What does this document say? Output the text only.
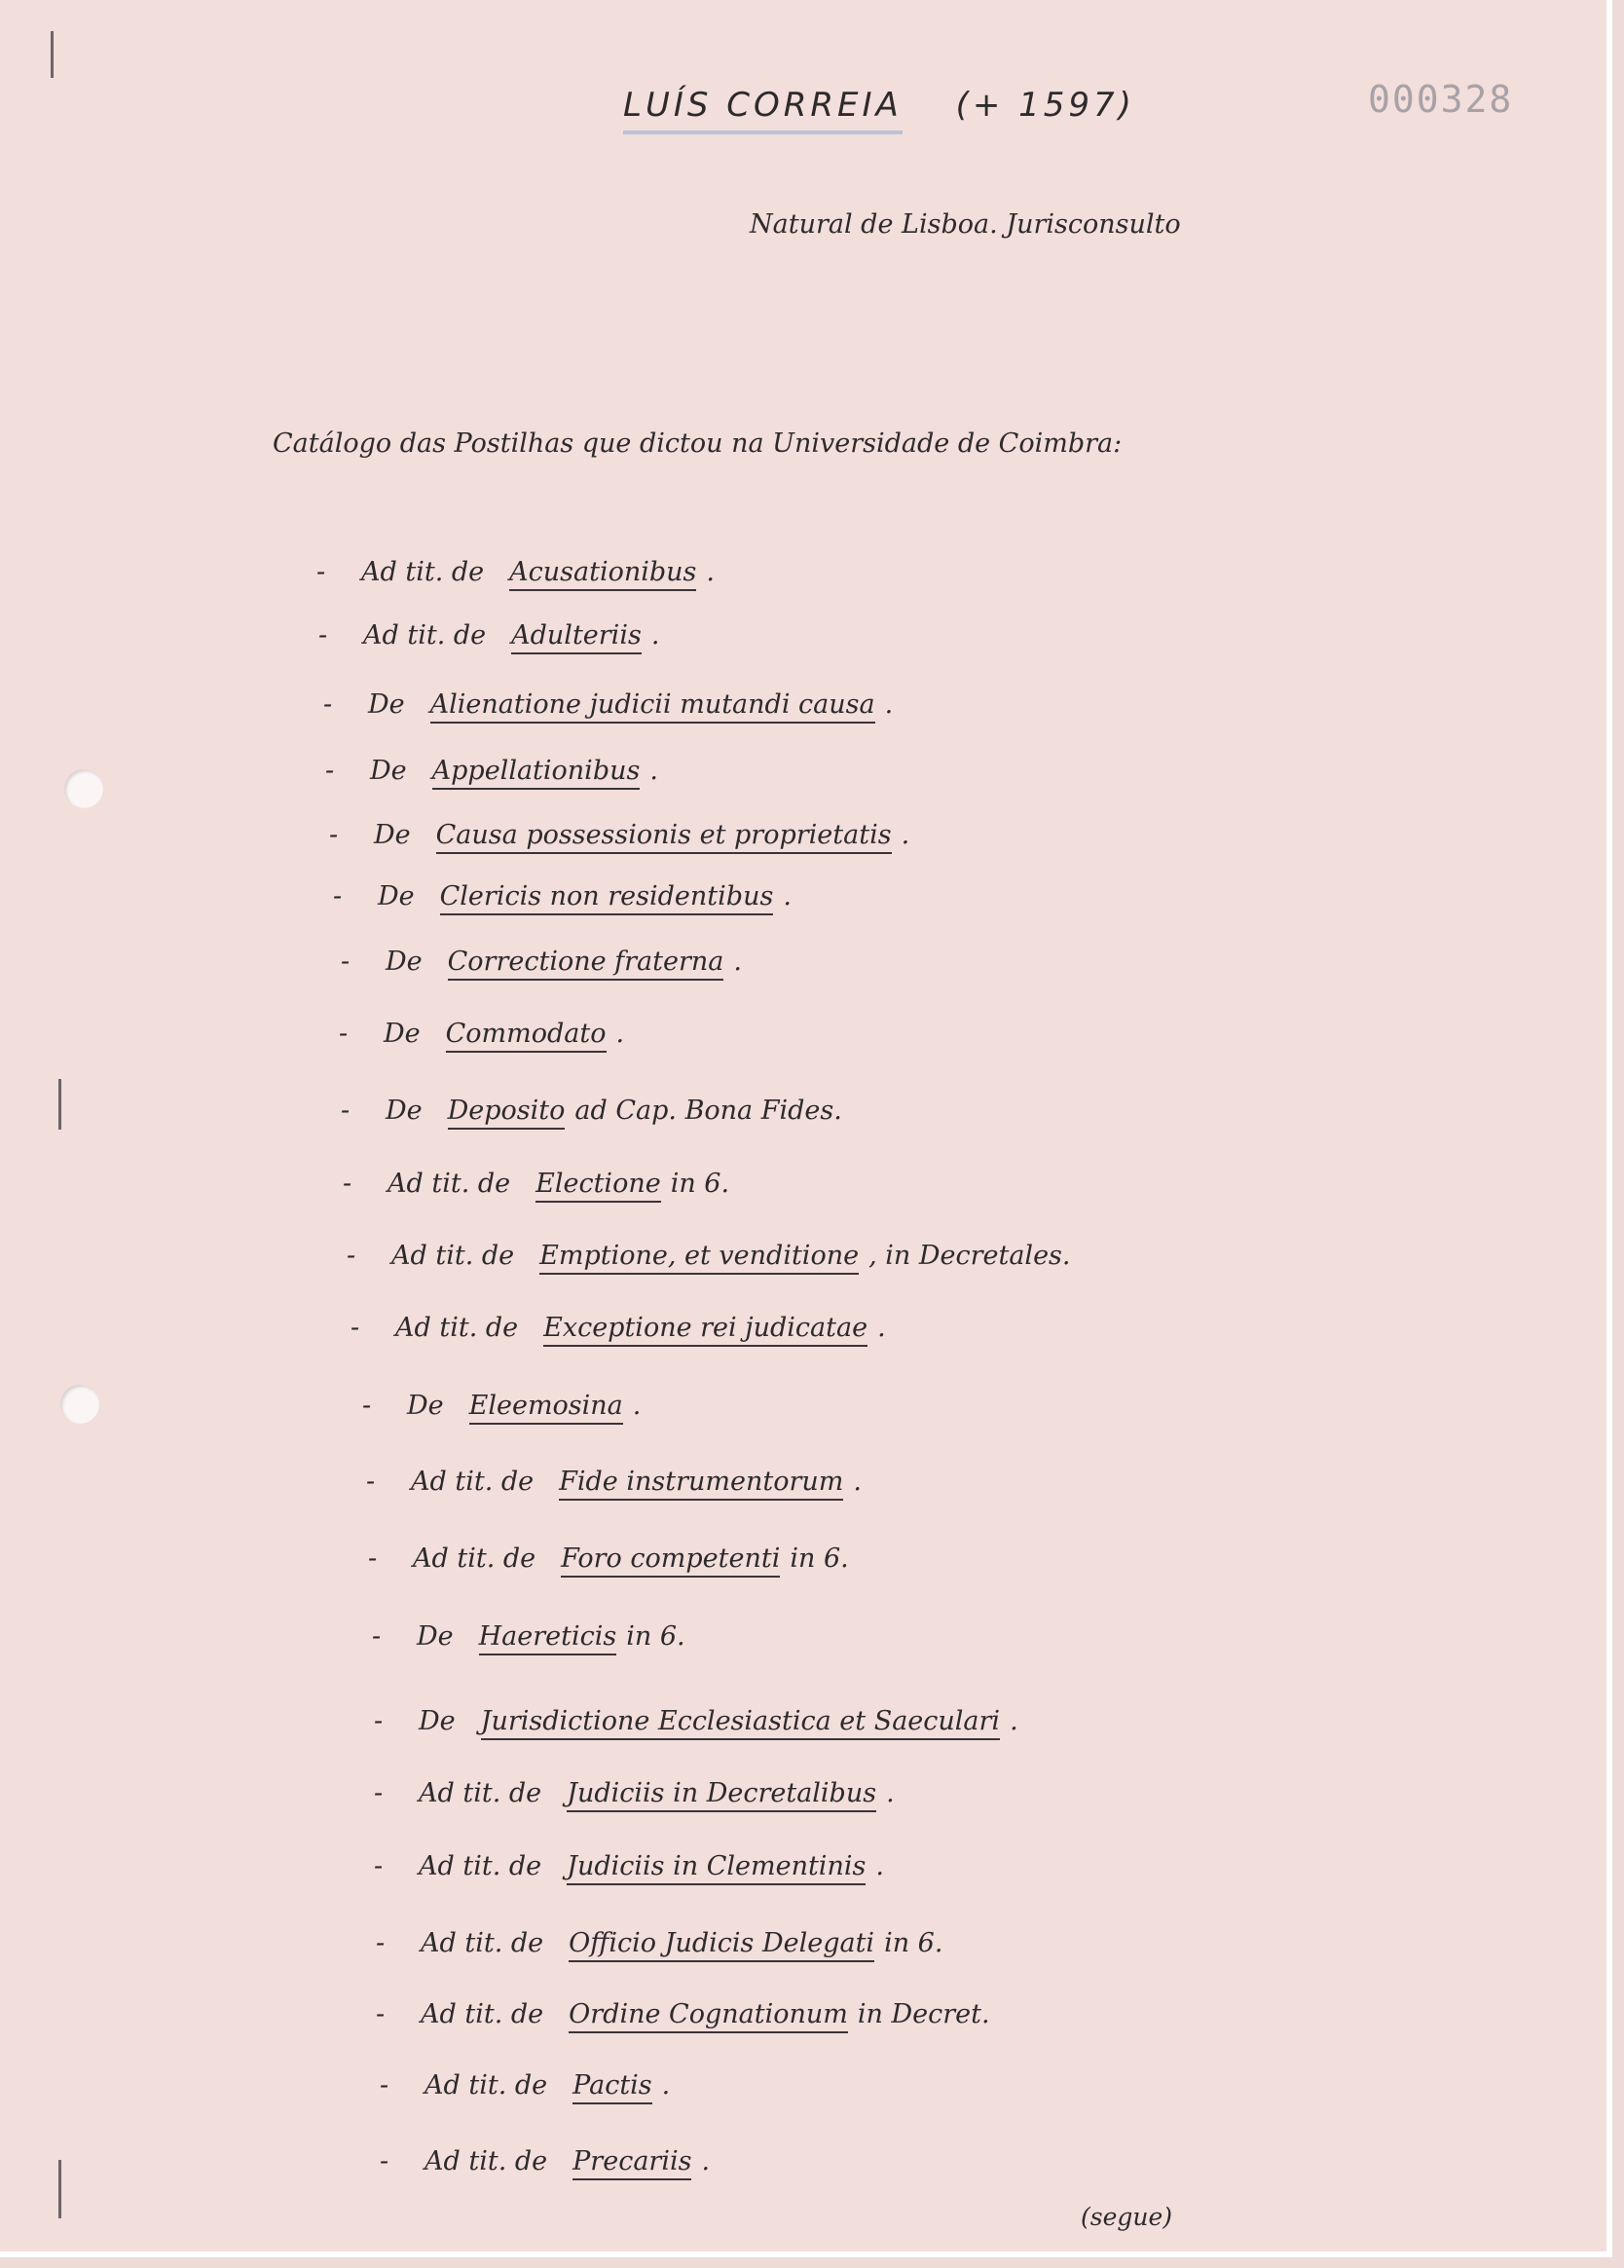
000328
LUÍS CORREIA (+ 1597)
Natural de Lisboa. Jurisconsulto
Catálogo das Postilhas que dictou na Universidade de Coimbra:
-	Ad tit. de Acusationibus .
-	Ad tit. de Adulteriis .
-	De Alienatione judicii mutandi causa .
-	De Appellationibus .
-	De Causa possessionis et proprietatis .
-	De Clericis non residentibus .
-	De Correctione fraterna .
-	De Commodato .
-	De Deposito ad Cap. Bona Fides.
-	Ad tit. de Electione in 6.
-	Ad tit. de Emptione, et venditione , in Decretales.
-	Ad tit. de Exceptione rei judicatae .
-	De Eleemosina .
-	Ad tit. de Fide instrumentorum .
-	Ad tit. de Foro competenti in 6.
-	De Haereticis in 6.
-	De Jurisdictione Ecclesiastica et Saeculari .
-	Ad tit. de Judiciis in Decretalibus .
-	Ad tit. de Judiciis in Clementinis .
-	Ad tit. de Officio Judicis Delegati in 6.
-	Ad tit. de Ordine Cognationum in Decret.
-	Ad tit. de Pactis .
-	Ad tit. de Precariis .
(segue)
